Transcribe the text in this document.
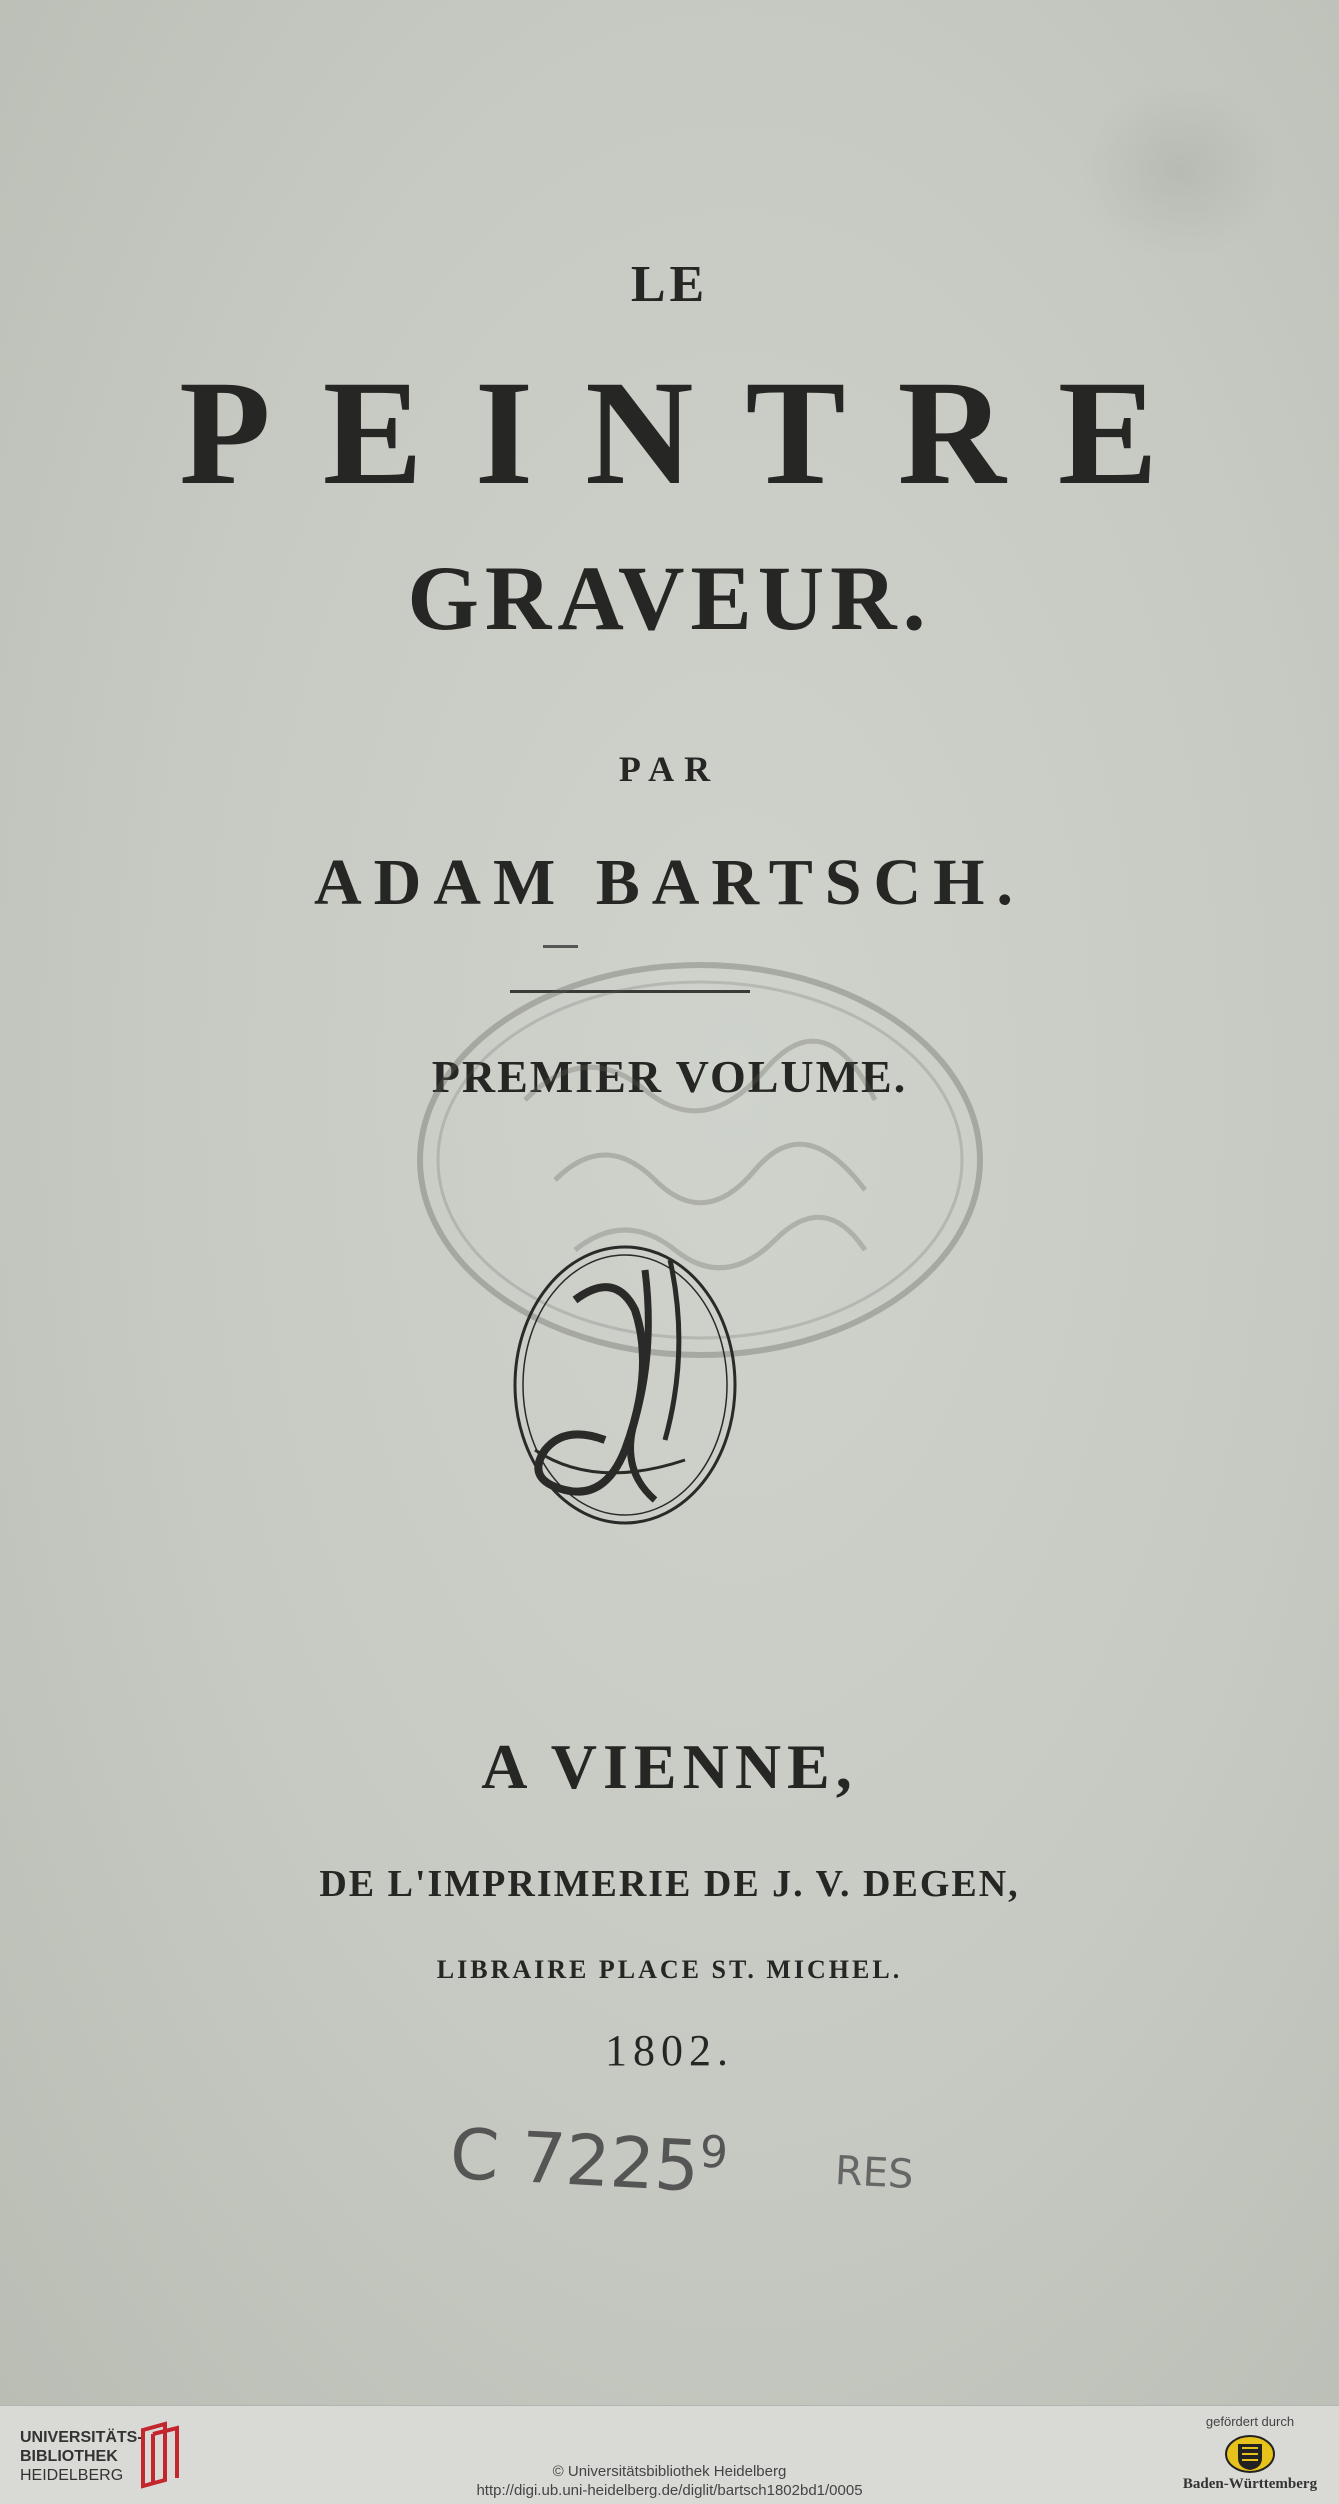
LE
PEINTRE
GRAVEUR.
PAR
ADAM BARTSCH.
PREMIER VOLUME.
A VIENNE,
DE L'IMPRIMERIE DE J. V. DEGEN,
LIBRAIRE PLACE ST. MICHEL.
1802.
C 7225$^9$	RES
UNIVERSITÄTS-
BIBLIOTHEK
HEIDELBERG	© Universitätsbibliothek Heidelberg
http://digi.ub.uni-heidelberg.de/diglit/bartsch1802bd1/0005
gefördert durch
Baden-Württemberg
